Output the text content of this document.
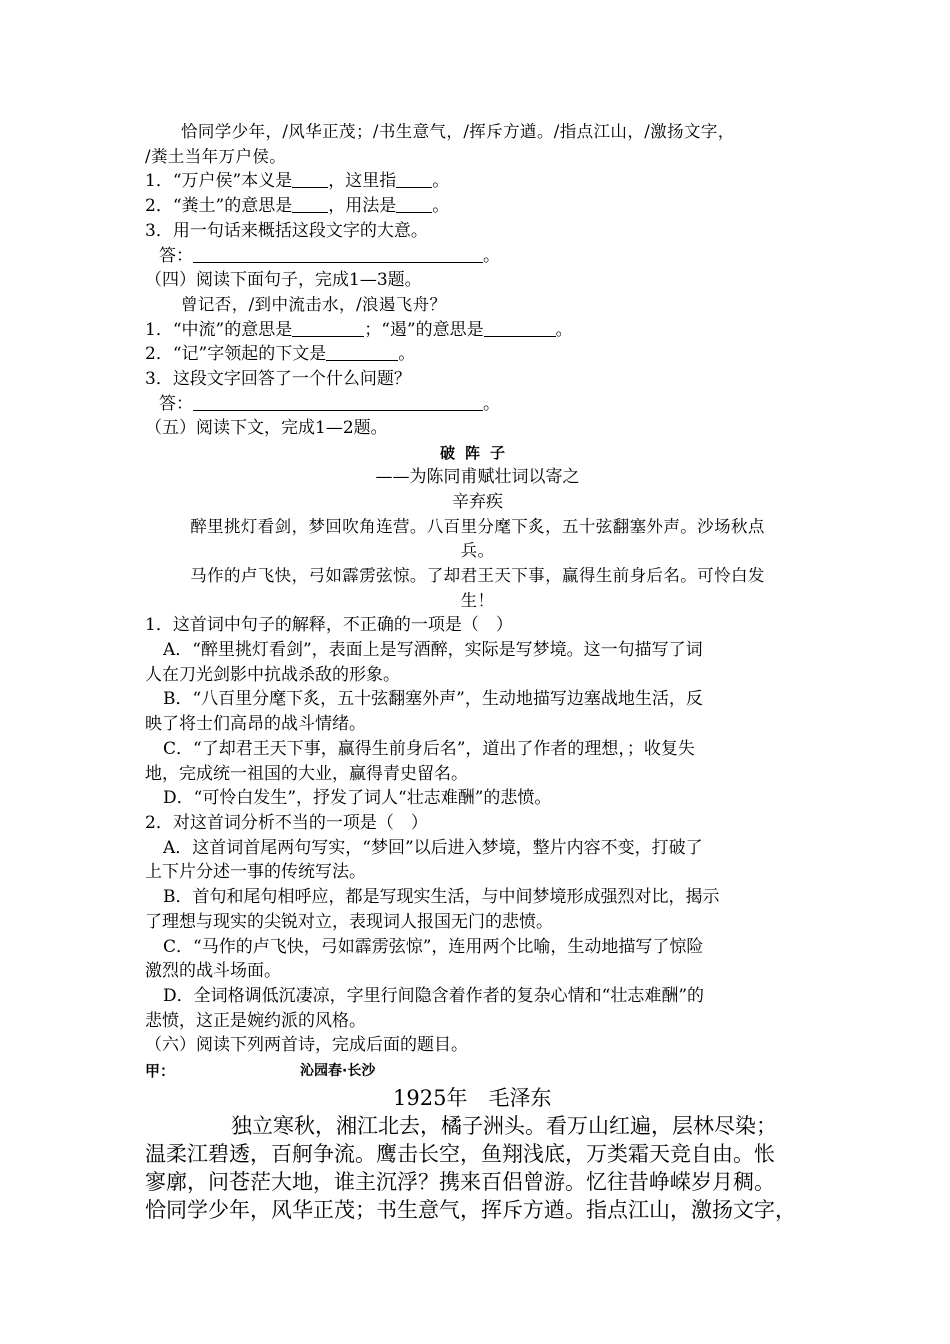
恰同学少年，/风华正茂；/书生意气，/挥斥方遒。/指点江山，/激扬文字，
/粪土当年万户侯。
1．“万户侯”本义是 ，这里指 。
2．“粪土”的意思是 ，用法是 。
3．用一句话来概括这段文字的大意。
答：	。
（四）阅读下面句子，完成1—3题。
曾记否，/到中流击水，/浪遏飞舟？
1．“中流”的意思是	；“遏”的意思是	。
2．“记”字领起的下文是	。
3．这段文字回答了一个什么问题？
答：	。
（五）阅读下文，完成1—2题。
破阵子
——为陈同甫赋壮词以寄之
辛弃疾
醉里挑灯看剑，梦回吹角连营。八百里分麾下炙，五十弦翻塞外声。沙场秋点
兵。
马作的卢飞快，弓如霹雳弦惊。了却君王天下事，赢得生前身后名。可怜白发
生！
1．这首词中句子的解释，不正确的一项是（　）
A．“醉里挑灯看剑”，表面上是写酒醉，实际是写梦境。这一句描写了词
人在刀光剑影中抗战杀敌的形象。
B．“八百里分麾下炙，五十弦翻塞外声”，生动地描写边塞战地生活，反
映了将士们高昂的战斗情绪。
C．“了却君王天下事，赢得生前身后名”，道出了作者的理想，；收复失
地，完成统一祖国的大业，赢得青史留名。
D．“可怜白发生”，抒发了词人“壮志难酬”的悲愤。
2．对这首词分析不当的一项是（　）
A．这首词首尾两句写实，“梦回”以后进入梦境，整片内容不变，打破了
上下片分述一事的传统写法。
B．首句和尾句相呼应，都是写现实生活，与中间梦境形成强烈对比，揭示
了理想与现实的尖锐对立，表现词人报国无门的悲愤。
C．“马作的卢飞快，弓如霹雳弦惊”，连用两个比喻，生动地描写了惊险
激烈的战斗场面。
D．全词格调低沉凄凉，字里行间隐含着作者的复杂心情和“壮志难酬”的
悲愤，这正是婉约派的风格。
（六）阅读下列两首诗，完成后面的题目。
甲：	沁园春·长沙
1925年　毛泽东
独立寒秋，湘江北去，橘子洲头。看万山红遍，层林尽染；
温柔江碧透，百舸争流。鹰击长空，鱼翔浅底，万类霜天竞自由。怅
寥廓，问苍茫大地，谁主沉浮？携来百侣曾游。忆往昔峥嵘岁月稠。
恰同学少年，风华正茂；书生意气，挥斥方遒。指点江山，激扬文字，
